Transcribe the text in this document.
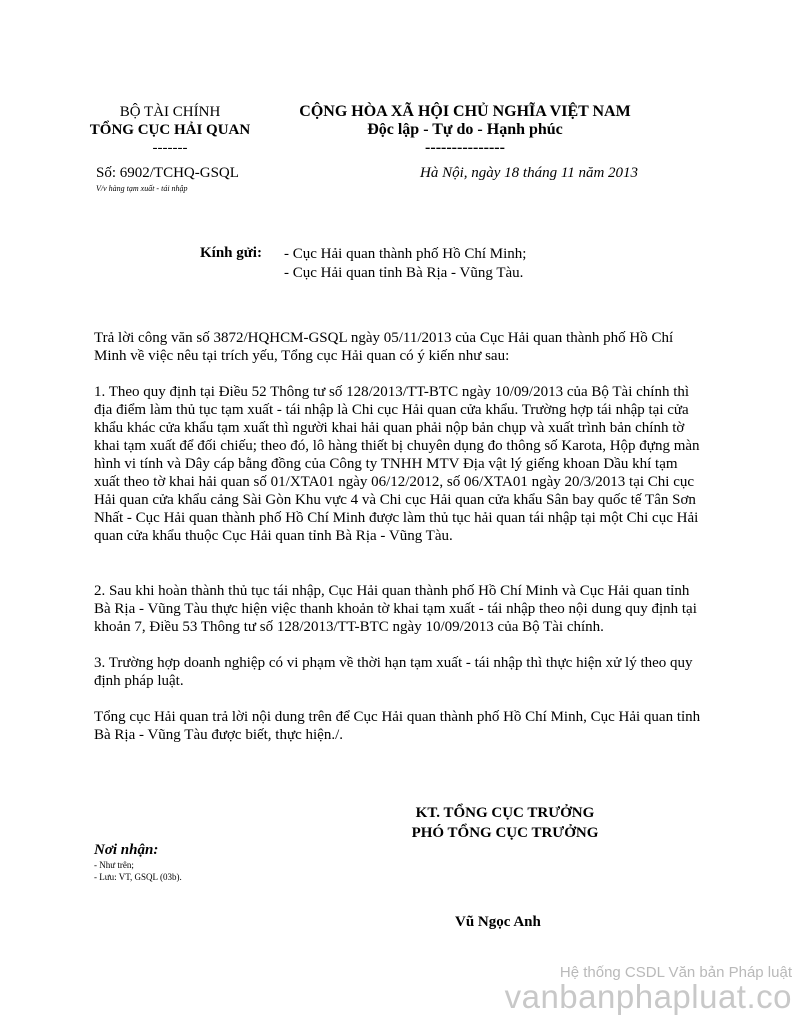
BỘ TÀI CHÍNH
TỔNG CỤC HẢI QUAN
-------
CỘNG HÒA XÃ HỘI CHỦ NGHĨA VIỆT NAM
Độc lập - Tự do - Hạnh phúc
---------------
Số: 6902/TCHQ-GSQL
V/v hàng tạm xuất - tái nhập
Hà Nội, ngày 18 tháng 11 năm 2013
Kính gửi: - Cục Hải quan thành phố Hồ Chí Minh;
- Cục Hải quan tỉnh Bà Rịa - Vũng Tàu.
Trả lời công văn số 3872/HQHCM-GSQL ngày 05/11/2013 của Cục Hải quan thành phố Hồ Chí Minh về việc nêu tại trích yếu, Tổng cục Hải quan có ý kiến như sau:
1. Theo quy định tại Điều 52 Thông tư số 128/2013/TT-BTC ngày 10/09/2013 của Bộ Tài chính thì địa điểm làm thủ tục tạm xuất - tái nhập là Chi cục Hải quan cửa khẩu. Trường hợp tái nhập tại cửa khẩu khác cửa khẩu tạm xuất thì người khai hải quan phải nộp bản chụp và xuất trình bản chính tờ khai tạm xuất để đối chiếu; theo đó, lô hàng thiết bị chuyên dụng đo thông số Karota, Hộp đựng màn hình vi tính và Dây cáp bằng đồng của Công ty TNHH MTV Địa vật lý giếng khoan Dầu khí tạm xuất theo tờ khai hải quan số 01/XTA01 ngày 06/12/2012, số 06/XTA01 ngày 20/3/2013 tại Chi cục Hải quan cửa khẩu cảng Sài Gòn Khu vực 4 và Chi cục Hải quan cửa khẩu Sân bay quốc tế Tân Sơn Nhất - Cục Hải quan thành phố Hồ Chí Minh được làm thủ tục hải quan tái nhập tại một Chi cục Hải quan cửa khẩu thuộc Cục Hải quan tỉnh Bà Rịa - Vũng Tàu.
2. Sau khi hoàn thành thủ tục tái nhập, Cục Hải quan thành phố Hồ Chí Minh và Cục Hải quan tỉnh Bà Rịa - Vũng Tàu thực hiện việc thanh khoản tờ khai tạm xuất - tái nhập theo nội dung quy định tại khoản 7, Điều 53 Thông tư số 128/2013/TT-BTC ngày 10/09/2013 của Bộ Tài chính.
3. Trường hợp doanh nghiệp có vi phạm về thời hạn tạm xuất - tái nhập thì thực hiện xử lý theo quy định pháp luật.
Tổng cục Hải quan trả lời nội dung trên để Cục Hải quan thành phố Hồ Chí Minh, Cục Hải quan tỉnh Bà Rịa - Vũng Tàu được biết, thực hiện./.
KT. TỔNG CỤC TRƯỞNG
PHÓ TỔNG CỤC TRƯỞNG
Nơi nhận:
- Như trên;
- Lưu: VT, GSQL (03b).
Vũ Ngọc Anh
Hệ thống CSDL Văn bản Pháp luật
vanbanphapluat.co
